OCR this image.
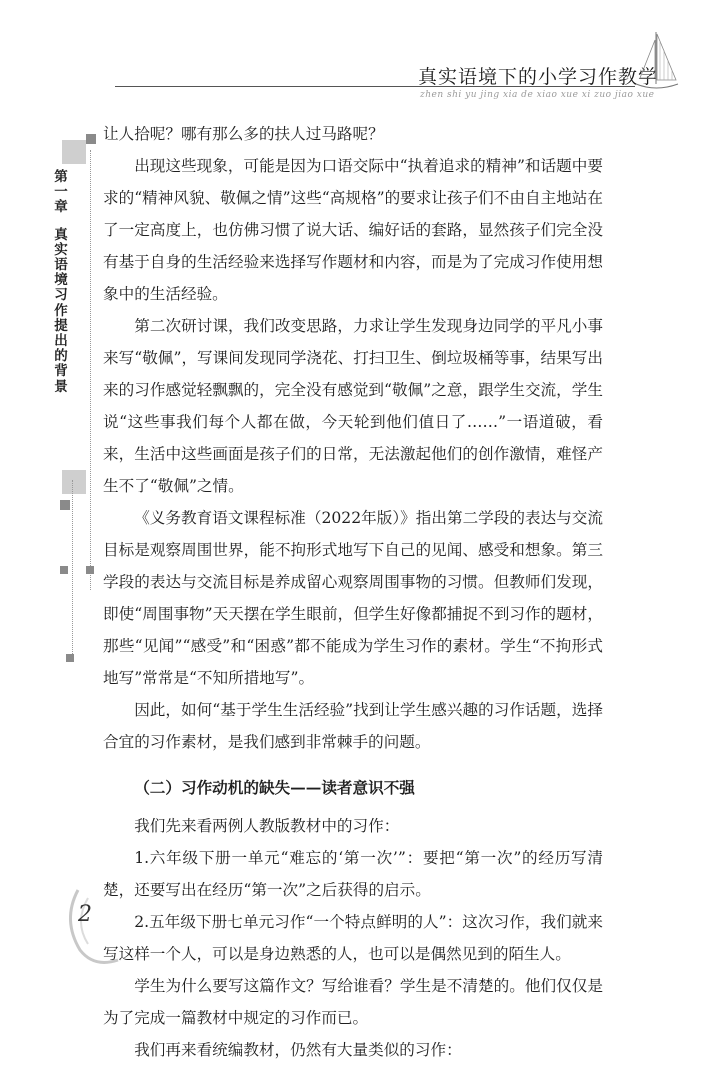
真实语境下的小学习作教学
zhen shi yu jing xia de xiao xue xi zuo jiao xue
第
一
章
真
实
语
境
习
作
提
出
的
背
景

让人拾呢？哪有那么多的扶人过马路呢？

出现这些现象，可能是因为口语交际中“执着追求的精神”和话题中要求的“精神风貌、敬佩之情”这些“高规格”的要求让孩子们不由自主地站在了一定高度上，也仿佛习惯了说大话、编好话的套路，显然孩子们完全没有基于自身的生活经验来选择写作题材和内容，而是为了完成习作使用想象中的生活经验。

第二次研讨课，我们改变思路，力求让学生发现身边同学的平凡小事来写“敬佩”，写课间发现同学浇花、打扫卫生、倒垃圾桶等事，结果写出来的习作感觉轻飘飘的，完全没有感觉到“敬佩”之意，跟学生交流，学生说“这些事我们每个人都在做，今天轮到他们值日了……”一语道破，看来，生活中这些画面是孩子们的日常，无法激起他们的创作激情，难怪产生不了“敬佩”之情。

《义务教育语文课程标准（2022年版）》指出第二学段的表达与交流目标是观察周围世界，能不拘形式地写下自己的见闻、感受和想象。第三学段的表达与交流目标是养成留心观察周围事物的习惯。但教师们发现，即使“周围事物”天天摆在学生眼前，但学生好像都捕捉不到习作的题材，那些“见闻”“感受”和“困惑”都不能成为学生习作的素材。学生“不拘形式地写”常常是“不知所措地写”。

因此，如何“基于学生生活经验”找到让学生感兴趣的习作话题，选择合宜的习作素材，是我们感到非常棘手的问题。

（二）习作动机的缺失——读者意识不强

我们先来看两例人教版教材中的习作：

1.六年级下册一单元“难忘的‘第一次’”：要把“第一次”的经历写清楚，还要写出在经历“第一次”之后获得的启示。

2.五年级下册七单元习作“一个特点鲜明的人”：这次习作，我们就来写这样一个人，可以是身边熟悉的人，也可以是偶然见到的陌生人。

学生为什么要写这篇作文？写给谁看？学生是不清楚的。他们仅仅是为了完成一篇教材中规定的习作而已。

我们再来看统编教材，仍然有大量类似的习作：

2
